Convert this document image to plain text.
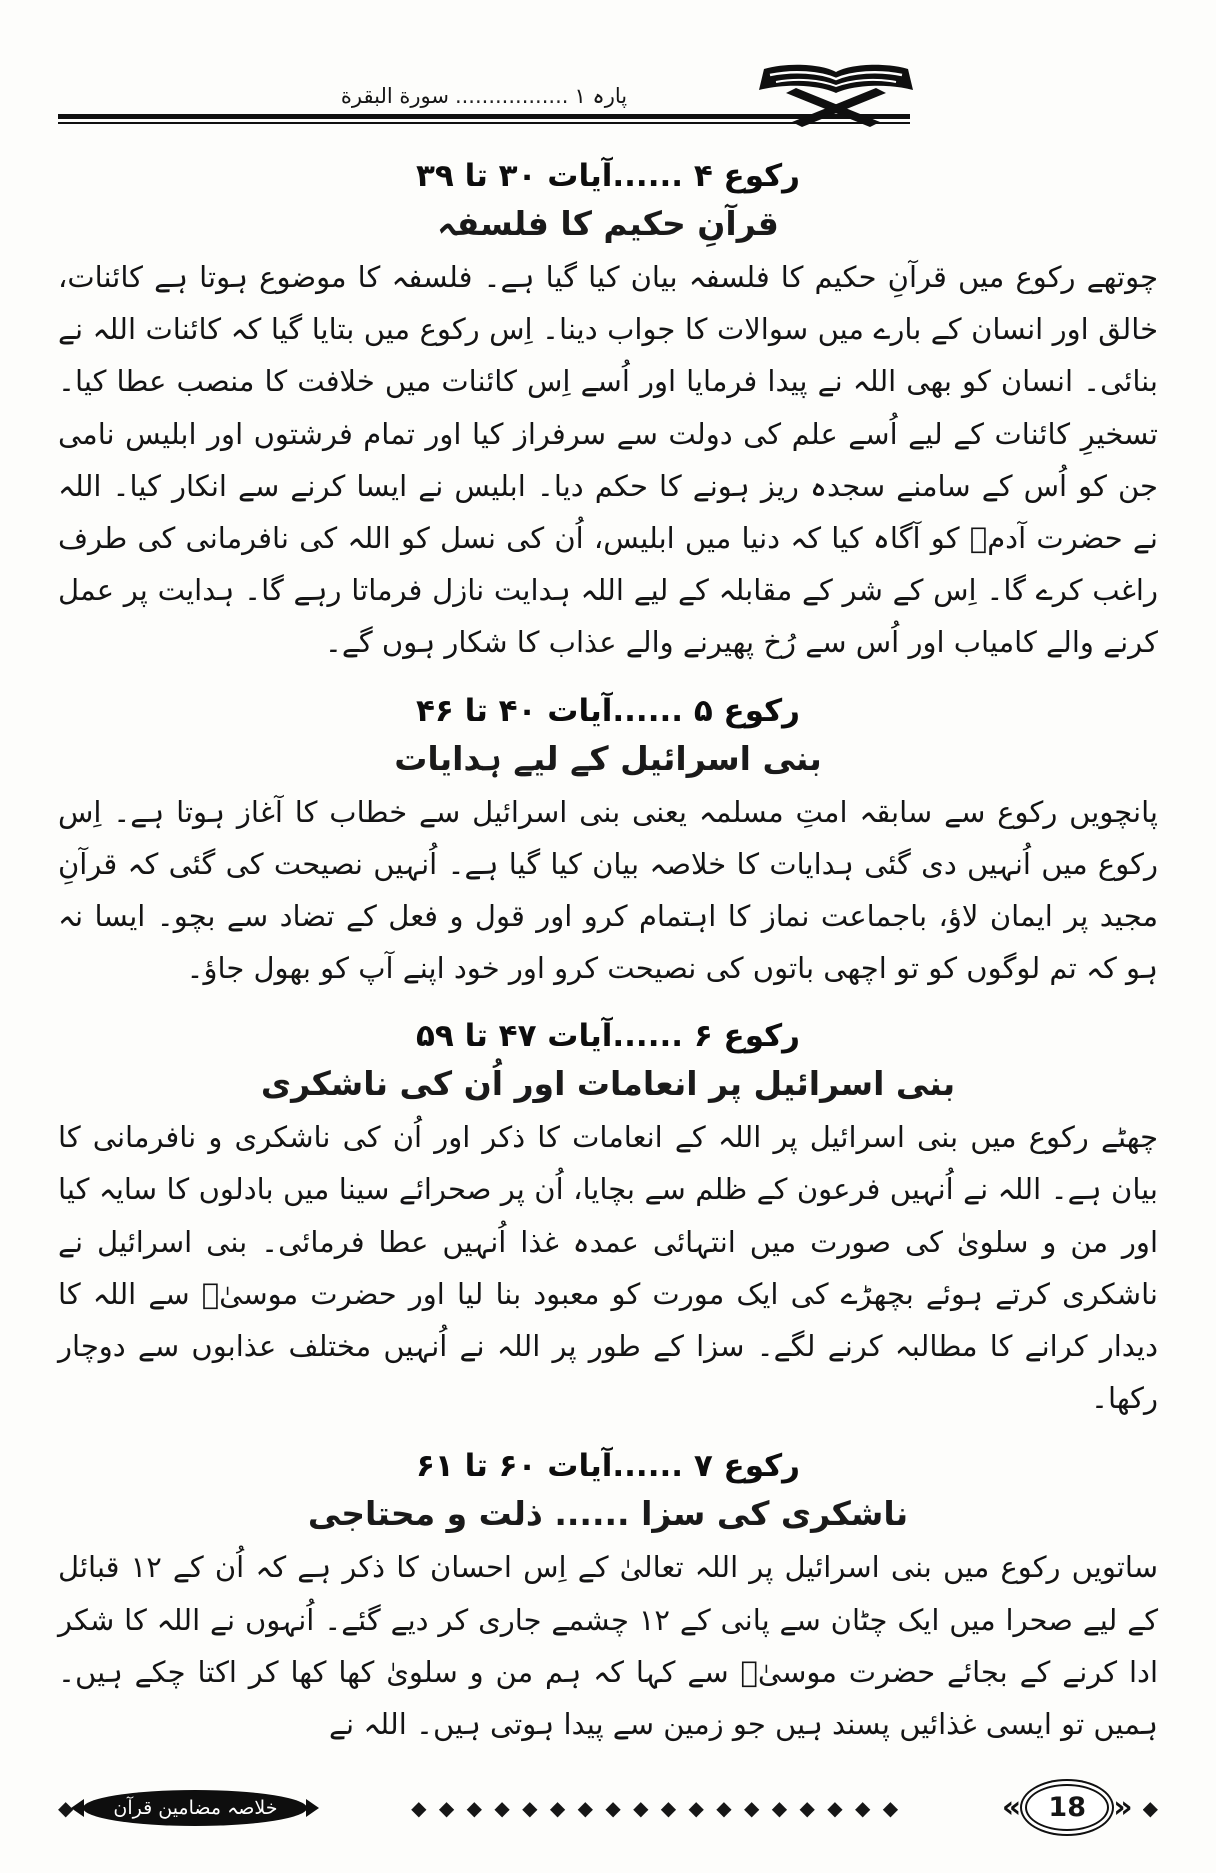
پارہ ۱.................سورة البقرة
رکوع ۴ ......آیات ۳۰ تا ۳۹
قرآنِ حکیم کا فلسفہ

چوتھے رکوع میں قرآنِ حکیم کا فلسفہ بیان کیا گیا ہے۔ فلسفہ کا موضوع ہوتا ہے کائنات، خالق اور انسان کے بارے میں سوالات کا جواب دینا۔ اِس رکوع میں بتایا گیا کہ کائنات اللہ نے بنائی۔ انسان کو بھی اللہ نے پیدا فرمایا اور اُسے اِس کائنات میں خلافت کا منصب عطا کیا۔ تسخیرِ کائنات کے لیے اُسے علم کی دولت سے سرفراز کیا اور تمام فرشتوں اور ابلیس نامی جن کو اُس کے سامنے سجدہ ریز ہونے کا حکم دیا۔ ابلیس نے ایسا کرنے سے انکار کیا۔ اللہ نے حضرت آدمؑ کو آگاہ کیا کہ دنیا میں ابلیس، اُن کی نسل کو اللہ کی نافرمانی کی طرف راغب کرے گا۔ اِس کے شر کے مقابلہ کے لیے اللہ ہدایت نازل فرماتا رہے گا۔ ہدایت پر عمل کرنے والے کامیاب اور اُس سے رُخ پھیرنے والے عذاب کا شکار ہوں گے۔

رکوع ۵ ......آیات ۴۰ تا ۴۶
بنی اسرائیل کے لیے ہدایات

پانچویں رکوع سے سابقہ امتِ مسلمہ یعنی بنی اسرائیل سے خطاب کا آغاز ہوتا ہے۔ اِس رکوع میں اُنہیں دی گئی ہدایات کا خلاصہ بیان کیا گیا ہے۔ اُنہیں نصیحت کی گئی کہ قرآنِ مجید پر ایمان لاؤ، باجماعت نماز کا اہتمام کرو اور قول و فعل کے تضاد سے بچو۔ ایسا نہ ہو کہ تم لوگوں کو تو اچھی باتوں کی نصیحت کرو اور خود اپنے آپ کو بھول جاؤ۔

رکوع ۶ ......آیات ۴۷ تا ۵۹
بنی اسرائیل پر انعامات اور اُن کی ناشکری

چھٹے رکوع میں بنی اسرائیل پر اللہ کے انعامات کا ذکر اور اُن کی ناشکری و نافرمانی کا بیان ہے۔ اللہ نے اُنہیں فرعون کے ظلم سے بچایا، اُن پر صحرائے سینا میں بادلوں کا سایہ کیا اور من و سلویٰ کی صورت میں انتہائی عمدہ غذا اُنہیں عطا فرمائی۔ بنی اسرائیل نے ناشکری کرتے ہوئے بچھڑے کی ایک مورت کو معبود بنا لیا اور حضرت موسیٰؑ سے اللہ کا دیدار کرانے کا مطالبہ کرنے لگے۔ سزا کے طور پر اللہ نے اُنہیں مختلف عذابوں سے دوچار رکھا۔

رکوع ۷ ......آیات ۶۰ تا ۶۱
ناشکری کی سزا ...... ذلت و محتاجی

ساتویں رکوع میں بنی اسرائیل پر اللہ تعالیٰ کے اِس احسان کا ذکر ہے کہ اُن کے ۱۲ قبائل کے لیے صحرا میں ایک چٹان سے پانی کے ۱۲ چشمے جاری کر دیے گئے۔ اُنہوں نے اللہ کا شکر ادا کرنے کے بجائے حضرت موسیٰؑ سے کہا کہ ہم من و سلویٰ کھا کھا کر اکتا چکے ہیں۔ ہمیں تو ایسی غذائیں پسند ہیں جو زمین سے پیدا ہوتی ہیں۔ اللہ نے

◆	خلاصہ مضامین قرآن	◆ ◆ ◆ ◆ ◆ ◆ ◆ ◆ ◆ ◆ ◆ ◆ ◆ ◆ ◆ ◆ ◆ ◆	«	18 » ◆
